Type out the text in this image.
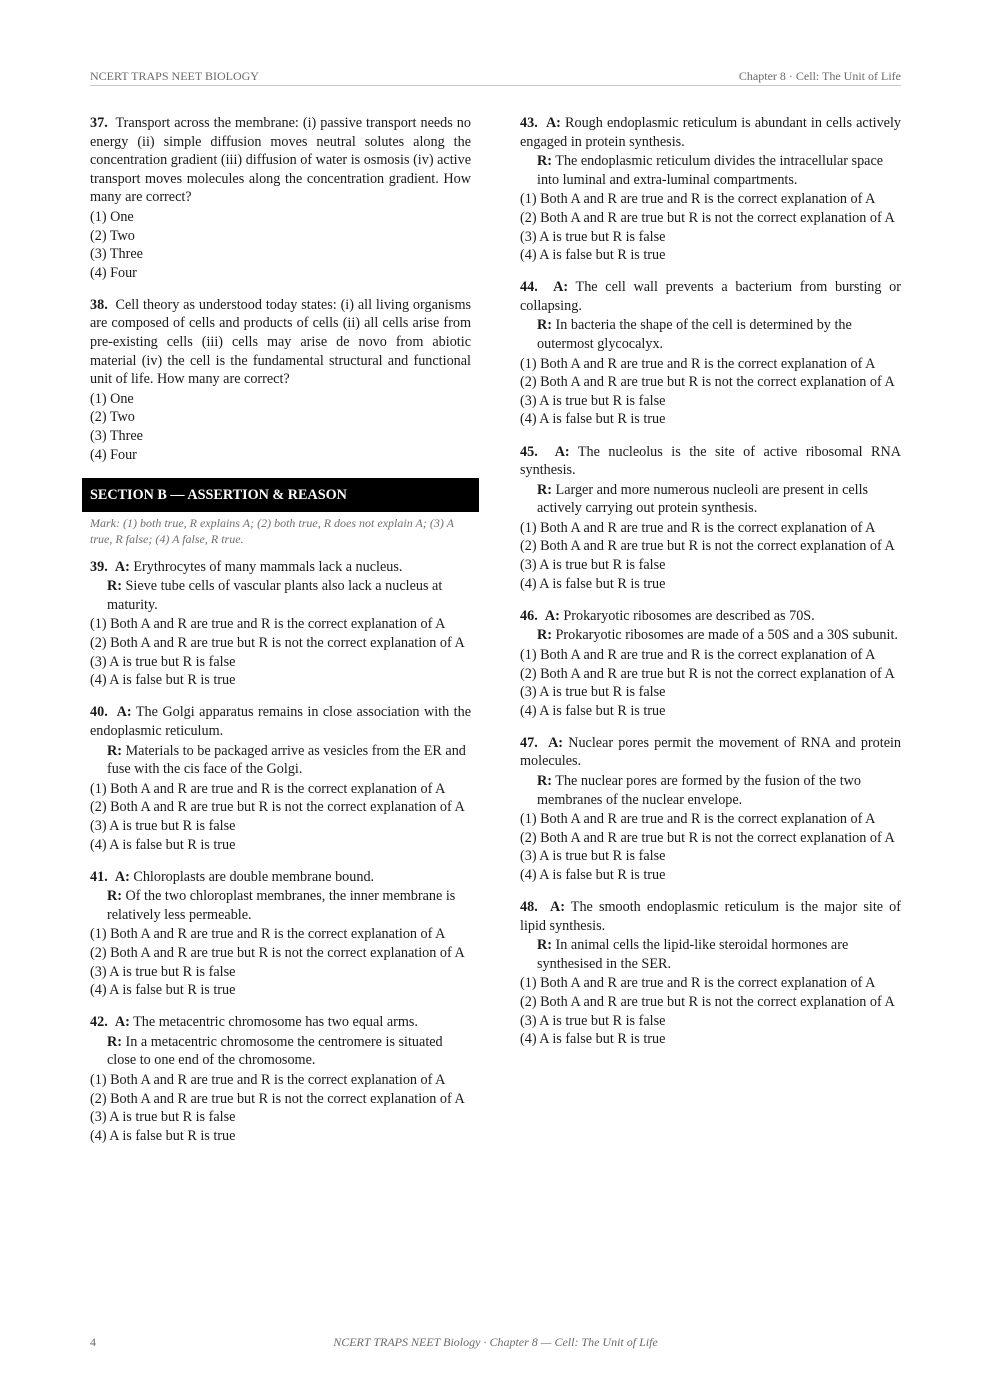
NCERT TRAPS NEET BIOLOGY	Chapter 8 · Cell: The Unit of Life
37. Transport across the membrane: (i) passive transport needs no energy (ii) simple diffusion moves neutral solutes along the concentration gradient (iii) diffusion of water is osmosis (iv) active transport moves molecules along the concentration gradient. How many are correct?
(1) One
(2) Two
(3) Three
(4) Four
38. Cell theory as understood today states: (i) all living organisms are composed of cells and products of cells (ii) all cells arise from pre-existing cells (iii) cells may arise de novo from abiotic material (iv) the cell is the fundamental structural and functional unit of life. How many are correct?
(1) One
(2) Two
(3) Three
(4) Four
SECTION B — ASSERTION & REASON
Mark: (1) both true, R explains A; (2) both true, R does not explain A; (3) A true, R false; (4) A false, R true.
39. A: Erythrocytes of many mammals lack a nucleus.
R: Sieve tube cells of vascular plants also lack a nucleus at maturity.
(1) Both A and R are true and R is the correct explanation of A
(2) Both A and R are true but R is not the correct explanation of A
(3) A is true but R is false
(4) A is false but R is true
40. A: The Golgi apparatus remains in close association with the endoplasmic reticulum.
R: Materials to be packaged arrive as vesicles from the ER and fuse with the cis face of the Golgi.
(1) Both A and R are true and R is the correct explanation of A
(2) Both A and R are true but R is not the correct explanation of A
(3) A is true but R is false
(4) A is false but R is true
41. A: Chloroplasts are double membrane bound.
R: Of the two chloroplast membranes, the inner membrane is relatively less permeable.
(1) Both A and R are true and R is the correct explanation of A
(2) Both A and R are true but R is not the correct explanation of A
(3) A is true but R is false
(4) A is false but R is true
42. A: The metacentric chromosome has two equal arms.
R: In a metacentric chromosome the centromere is situated close to one end of the chromosome.
(1) Both A and R are true and R is the correct explanation of A
(2) Both A and R are true but R is not the correct explanation of A
(3) A is true but R is false
(4) A is false but R is true
43. A: Rough endoplasmic reticulum is abundant in cells actively engaged in protein synthesis.
R: The endoplasmic reticulum divides the intracellular space into luminal and extra-luminal compartments.
(1) Both A and R are true and R is the correct explanation of A
(2) Both A and R are true but R is not the correct explanation of A
(3) A is true but R is false
(4) A is false but R is true
44. A: The cell wall prevents a bacterium from bursting or collapsing.
R: In bacteria the shape of the cell is determined by the outermost glycocalyx.
(1) Both A and R are true and R is the correct explanation of A
(2) Both A and R are true but R is not the correct explanation of A
(3) A is true but R is false
(4) A is false but R is true
45. A: The nucleolus is the site of active ribosomal RNA synthesis.
R: Larger and more numerous nucleoli are present in cells actively carrying out protein synthesis.
(1) Both A and R are true and R is the correct explanation of A
(2) Both A and R are true but R is not the correct explanation of A
(3) A is true but R is false
(4) A is false but R is true
46. A: Prokaryotic ribosomes are described as 70S.
R: Prokaryotic ribosomes are made of a 50S and a 30S subunit.
(1) Both A and R are true and R is the correct explanation of A
(2) Both A and R are true but R is not the correct explanation of A
(3) A is true but R is false
(4) A is false but R is true
47. A: Nuclear pores permit the movement of RNA and protein molecules.
R: The nuclear pores are formed by the fusion of the two membranes of the nuclear envelope.
(1) Both A and R are true and R is the correct explanation of A
(2) Both A and R are true but R is not the correct explanation of A
(3) A is true but R is false
(4) A is false but R is true
48. A: The smooth endoplasmic reticulum is the major site of lipid synthesis.
R: In animal cells the lipid-like steroidal hormones are synthesised in the SER.
(1) Both A and R are true and R is the correct explanation of A
(2) Both A and R are true but R is not the correct explanation of A
(3) A is true but R is false
(4) A is false but R is true
4	NCERT TRAPS NEET Biology · Chapter 8 — Cell: The Unit of Life
